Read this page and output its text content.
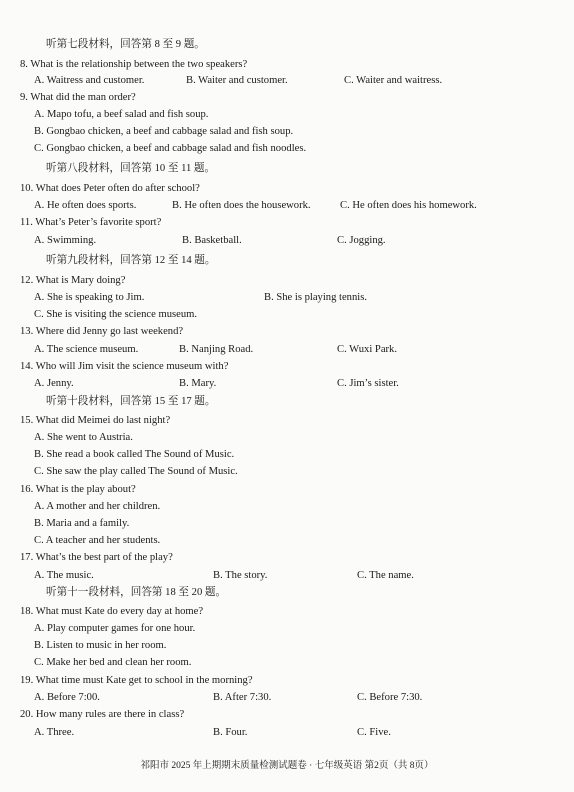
听第七段材料，回答第 8 至 9 题。
8. What is the relationship between the two speakers?
A. Waitress and customer.	B. Waiter and customer.	C. Waiter and waitress.
9. What did the man order?
A. Mapo tofu, a beef salad and fish soup.
B. Gongbao chicken, a beef and cabbage salad and fish soup.
C. Gongbao chicken, a beef and cabbage salad and fish noodles.
听第八段材料，回答第 10 至 11 题。
10. What does Peter often do after school?
A. He often does sports.	B. He often does the housework.	C. He often does his homework.
11. What’s Peter’s favorite sport?
A. Swimming.	B. Basketball.	C. Jogging.
听第九段材料，回答第 12 至 14 题。
12. What is Mary doing?
A. She is speaking to Jim.	B. She is playing tennis.
C. She is visiting the science museum.
13. Where did Jenny go last weekend?
A. The science museum.	B. Nanjing Road.	C. Wuxi Park.
14. Who will Jim visit the science museum with?
A. Jenny.	B. Mary.	C. Jim’s sister.
听第十段材料，回答第 15 至 17 题。
15. What did Meimei do last night?
A. She went to Austria.
B. She read a book called The Sound of Music.
C. She saw the play called The Sound of Music.
16. What is the play about?
A. A mother and her children.
B. Maria and a family.
C. A teacher and her students.
17. What’s the best part of the play?
A. The music.	B. The story.	C. The name.
听第十一段材料，回答第 18 至 20 题。
18. What must Kate do every day at home?
A. Play computer games for one hour.
B. Listen to music in her room.
C. Make her bed and clean her room.
19. What time must Kate get to school in the morning?
A. Before 7:00.	B. After 7:30.	C. Before 7:30.
20. How many rules are there in class?
A. Three.	B. Four.	C. Five.
祁阳市 2025 年上期期末质量检测试题卷 · 七年级英语 第2页（共 8页）
